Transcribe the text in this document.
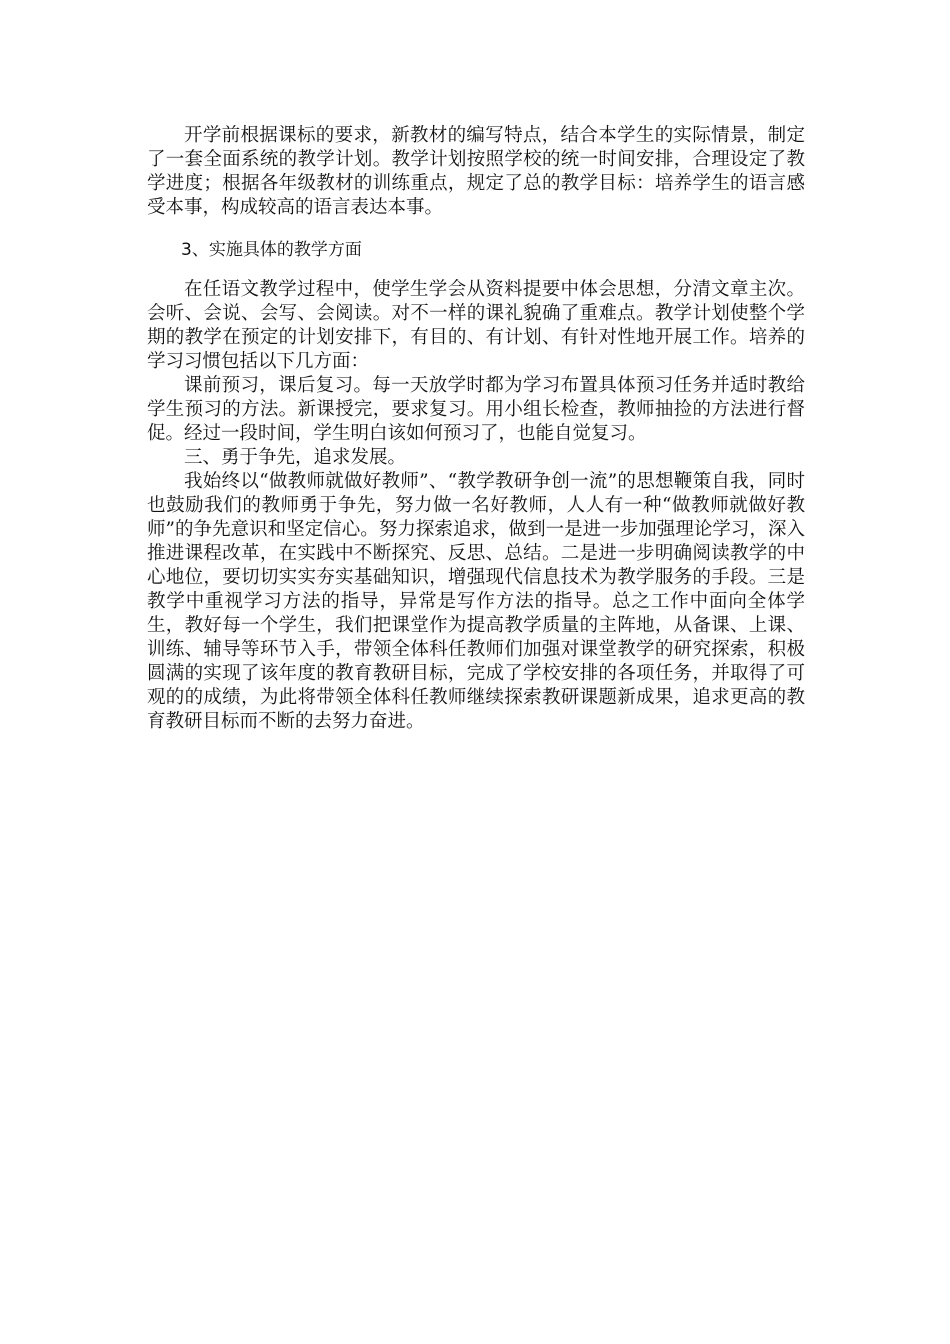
开学前根据课标的要求，新教材的编写特点，结合本学生的实际情景，制定了一套全面系统的教学计划。教学计划按照学校的统一时间安排，合理设定了教学进度；根据各年级教材的训练重点，规定了总的教学目标：培养学生的语言感受本事，构成较高的语言表达本事。

3、实施具体的教学方面

在任语文教学过程中，使学生学会从资料提要中体会思想，分清文章主次。会听、会说、会写、会阅读。对不一样的课礼貌确了重难点。教学计划使整个学期的教学在预定的计划安排下，有目的、有计划、有针对性地开展工作。培养的学习习惯包括以下几方面：

课前预习，课后复习。每一天放学时都为学习布置具体预习任务并适时教给学生预习的方法。新课授完，要求复习。用小组长检查，教师抽捡的方法进行督促。经过一段时间，学生明白该如何预习了，也能自觉复习。

三、勇于争先，追求发展。

我始终以“做教师就做好教师”、“教学教研争创一流”的思想鞭策自我，同时也鼓励我们的教师勇于争先，努力做一名好教师，人人有一种“做教师就做好教师”的争先意识和坚定信心。努力探索追求，做到一是进一步加强理论学习，深入推进课程改革，在实践中不断探究、反思、总结。二是进一步明确阅读教学的中心地位，要切切实实夯实基础知识，增强现代信息技术为教学服务的手段。三是教学中重视学习方法的指导，异常是写作方法的指导。总之工作中面向全体学生，教好每一个学生，我们把课堂作为提高教学质量的主阵地，从备课、上课、训练、辅导等环节入手，带领全体科任教师们加强对课堂教学的研究探索，积极圆满的实现了该年度的教育教研目标，完成了学校安排的各项任务，并取得了可观的的成绩，为此将带领全体科任教师继续探索教研课题新成果，追求更高的教育教研目标而不断的去努力奋进。
